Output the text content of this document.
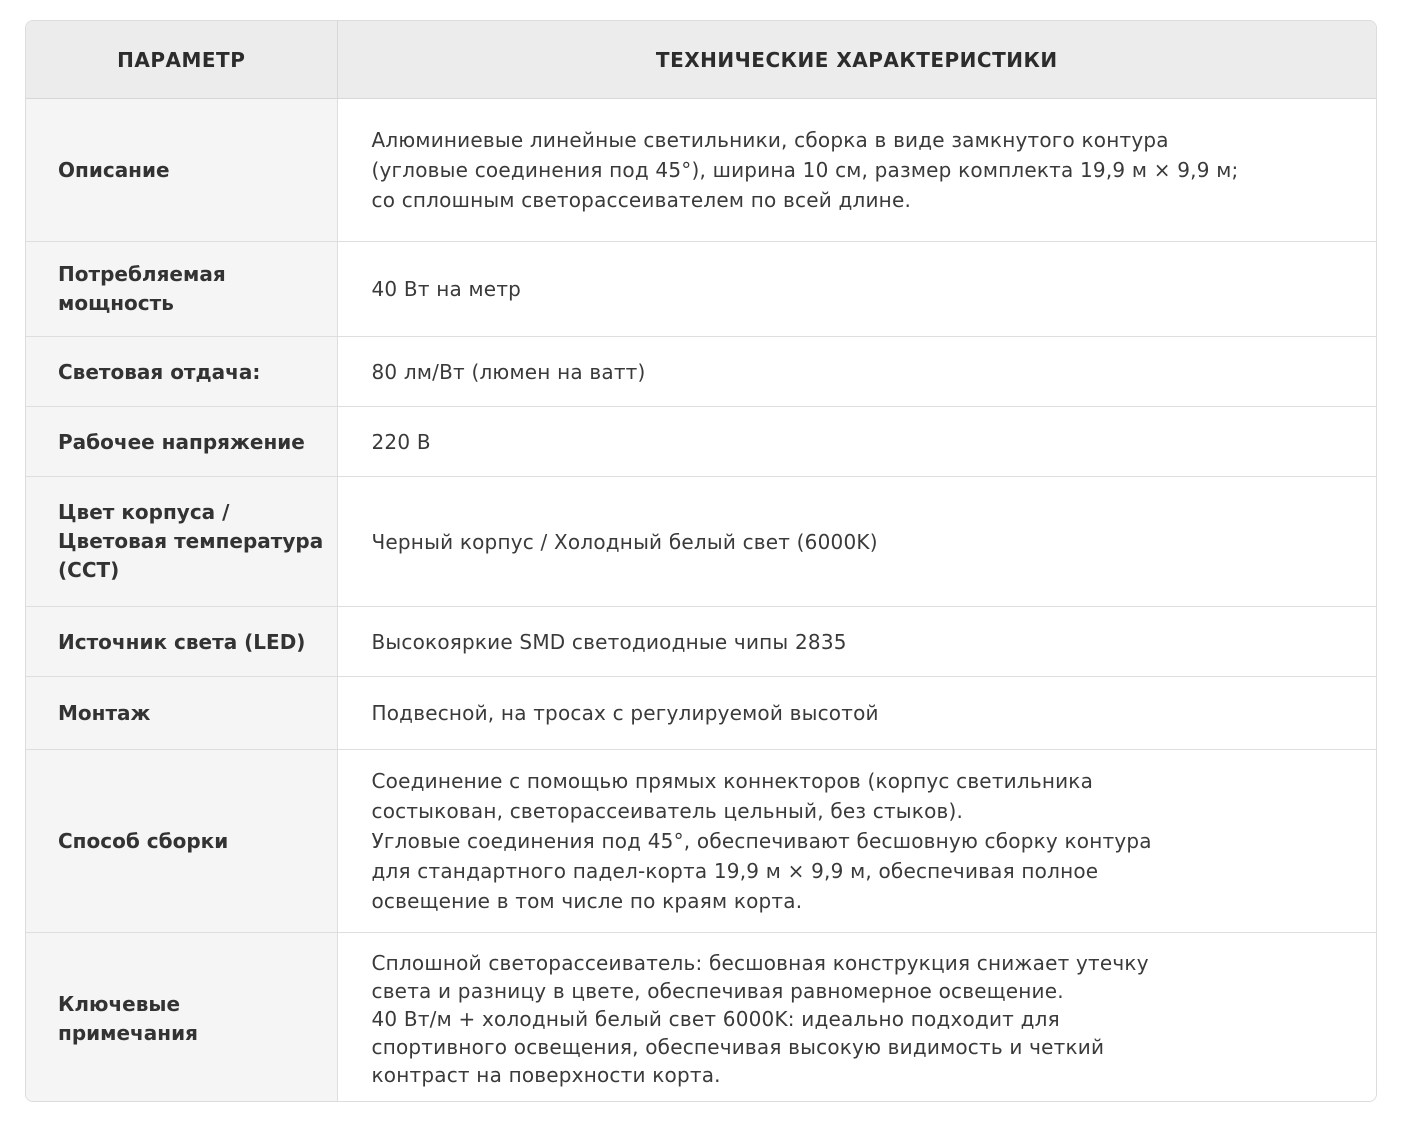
ПАРАМЕТР	ТЕХНИЧЕСКИЕ ХАРАКТЕРИСТИКИ

Описание	Алюминиевые линейные светильники, сборка в виде замкнутого контура
(угловые соединения под 45°), ширина 10 см, размер комплекта 19,9 м × 9,9 м;
со сплошным светорассеивателем по всей длине.

Потребляемая
мощность	40 Вт на метр

Световая отдача:	80 лм/Вт (люмен на ватт)

Рабочее напряжение	220 В

Цвет корпуса /
Цветовая температура
(CCT)	Черный корпус / Холодный белый свет (6000K)

Источник света (LED)	Высокояркие SMD светодиодные чипы 2835

Монтаж	Подвесной, на тросах с регулируемой высотой

Способ сборки	Соединение с помощью прямых коннекторов (корпус светильника
состыкован, светорассеиватель цельный, без стыков).
Угловые соединения под 45°, обеспечивают бесшовную сборку контура
для стандартного падел-корта 19,9 м × 9,9 м, обеспечивая полное
освещение в том числе по краям корта.

Ключевые
примечания	Сплошной светорассеиватель: бесшовная конструкция снижает утечку
света и разницу в цвете, обеспечивая равномерное освещение.
40 Вт/м + холодный белый свет 6000K: идеально подходит для
спортивного освещения, обеспечивая высокую видимость и четкий
контраст на поверхности корта.
